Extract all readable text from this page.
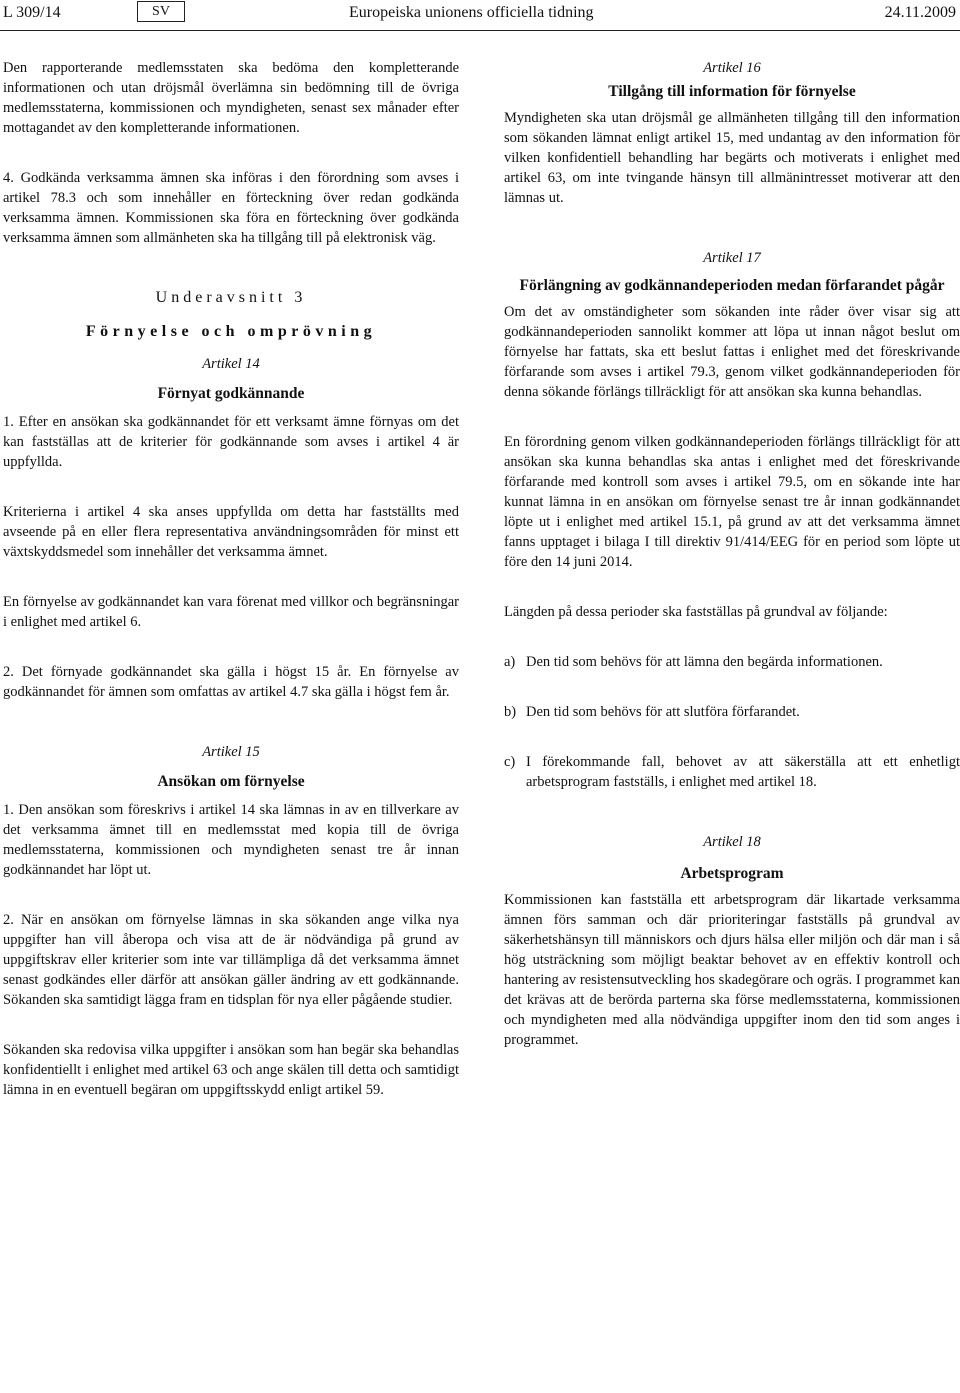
L 309/14	SV	Europeiska unionens officiella tidning	24.11.2009
Den rapporterande medlemsstaten ska bedöma den kompletterande informationen och utan dröjsmål överlämna sin bedömning till de övriga medlemsstaterna, kommissionen och myndigheten, senast sex månader efter mottagandet av den kompletterande informationen.
4. Godkända verksamma ämnen ska införas i den förordning som avses i artikel 78.3 och som innehåller en förteckning över redan godkända verksamma ämnen. Kommissionen ska föra en förteckning över godkända verksamma ämnen som allmänheten ska ha tillgång till på elektronisk väg.
Underavsnitt 3
Förnyelse och omprövning
Artikel 14
Förnyat godkännande
1. Efter en ansökan ska godkännandet för ett verksamt ämne förnyas om det kan fastställas att de kriterier för godkännande som avses i artikel 4 är uppfyllda.
Kriterierna i artikel 4 ska anses uppfyllda om detta har fastställts med avseende på en eller flera representativa användningsområden för minst ett växtskyddsmedel som innehåller det verksamma ämnet.
En förnyelse av godkännandet kan vara förenat med villkor och begränsningar i enlighet med artikel 6.
2. Det förnyade godkännandet ska gälla i högst 15 år. En förnyelse av godkännandet för ämnen som omfattas av artikel 4.7 ska gälla i högst fem år.
Artikel 15
Ansökan om förnyelse
1. Den ansökan som föreskrivs i artikel 14 ska lämnas in av en tillverkare av det verksamma ämnet till en medlemsstat med kopia till de övriga medlemsstaterna, kommissionen och myndigheten senast tre år innan godkännandet har löpt ut.
2. När en ansökan om förnyelse lämnas in ska sökanden ange vilka nya uppgifter han vill åberopa och visa att de är nödvändiga på grund av uppgiftskrav eller kriterier som inte var tillämpliga då det verksamma ämnet senast godkändes eller därför att ansökan gäller ändring av ett godkännande. Sökanden ska samtidigt lägga fram en tidsplan för nya eller pågående studier.
Sökanden ska redovisa vilka uppgifter i ansökan som han begär ska behandlas konfidentiellt i enlighet med artikel 63 och ange skälen till detta och samtidigt lämna in en eventuell begäran om uppgiftsskydd enligt artikel 59.
Artikel 16
Tillgång till information för förnyelse
Myndigheten ska utan dröjsmål ge allmänheten tillgång till den information som sökanden lämnat enligt artikel 15, med undantag av den information för vilken konfidentiell behandling har begärts och motiverats i enlighet med artikel 63, om inte tvingande hänsyn till allmänintresset motiverar att den lämnas ut.
Artikel 17
Förlängning av godkännandeperioden medan förfarandet pågår
Om det av omständigheter som sökanden inte råder över visar sig att godkännandeperioden sannolikt kommer att löpa ut innan något beslut om förnyelse har fattats, ska ett beslut fattas i enlighet med det föreskrivande förfarande som avses i artikel 79.3, genom vilket godkännandeperioden för denna sökande förlängs tillräckligt för att ansökan ska kunna behandlas.
En förordning genom vilken godkännandeperioden förlängs tillräckligt för att ansökan ska kunna behandlas ska antas i enlighet med det föreskrivande förfarande med kontroll som avses i artikel 79.5, om en sökande inte har kunnat lämna in en ansökan om förnyelse senast tre år innan godkännandet löpte ut i enlighet med artikel 15.1, på grund av att det verksamma ämnet fanns upptaget i bilaga I till direktiv 91/414/EEG för en period som löpte ut före den 14 juni 2014.
Längden på dessa perioder ska fastställas på grundval av följande:
a) Den tid som behövs för att lämna den begärda informationen.
b) Den tid som behövs för att slutföra förfarandet.
c) I förekommande fall, behovet av att säkerställa att ett enhetligt arbetsprogram fastställs, i enlighet med artikel 18.
Artikel 18
Arbetsprogram
Kommissionen kan fastställa ett arbetsprogram där likartade verksamma ämnen förs samman och där prioriteringar fastställs på grundval av säkerhetshänsyn till människors och djurs hälsa eller miljön och där man i så hög utsträckning som möjligt beaktar behovet av en effektiv kontroll och hantering av resistensutveckling hos skadegörare och ogräs. I programmet kan det krävas att de berörda parterna ska förse medlemsstaterna, kommissionen och myndigheten med alla nödvändiga uppgifter inom den tid som anges i programmet.
